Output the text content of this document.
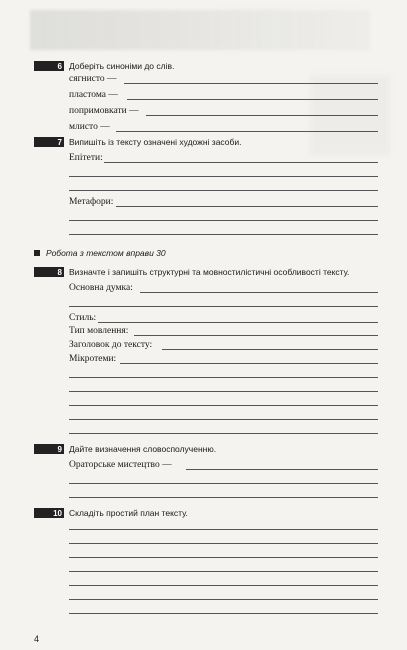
6 Доберіть синоніми до слів.
сягнисто —
пластома —
попримовкати —
млисто —
7 Випишіть із тексту означені художні засоби.
Епітети:
Метафори:
Робота з текстом вправи 30
8 Визначте і запишіть структурні та мовностилістичні особливості тексту.
Основна думка:
Стиль:
Тип мовлення:
Заголовок до тексту:
Мікротеми:
9 Дайте визначення словосполученню.
Ораторське мистецтво —
10 Складіть простий план тексту.
4
